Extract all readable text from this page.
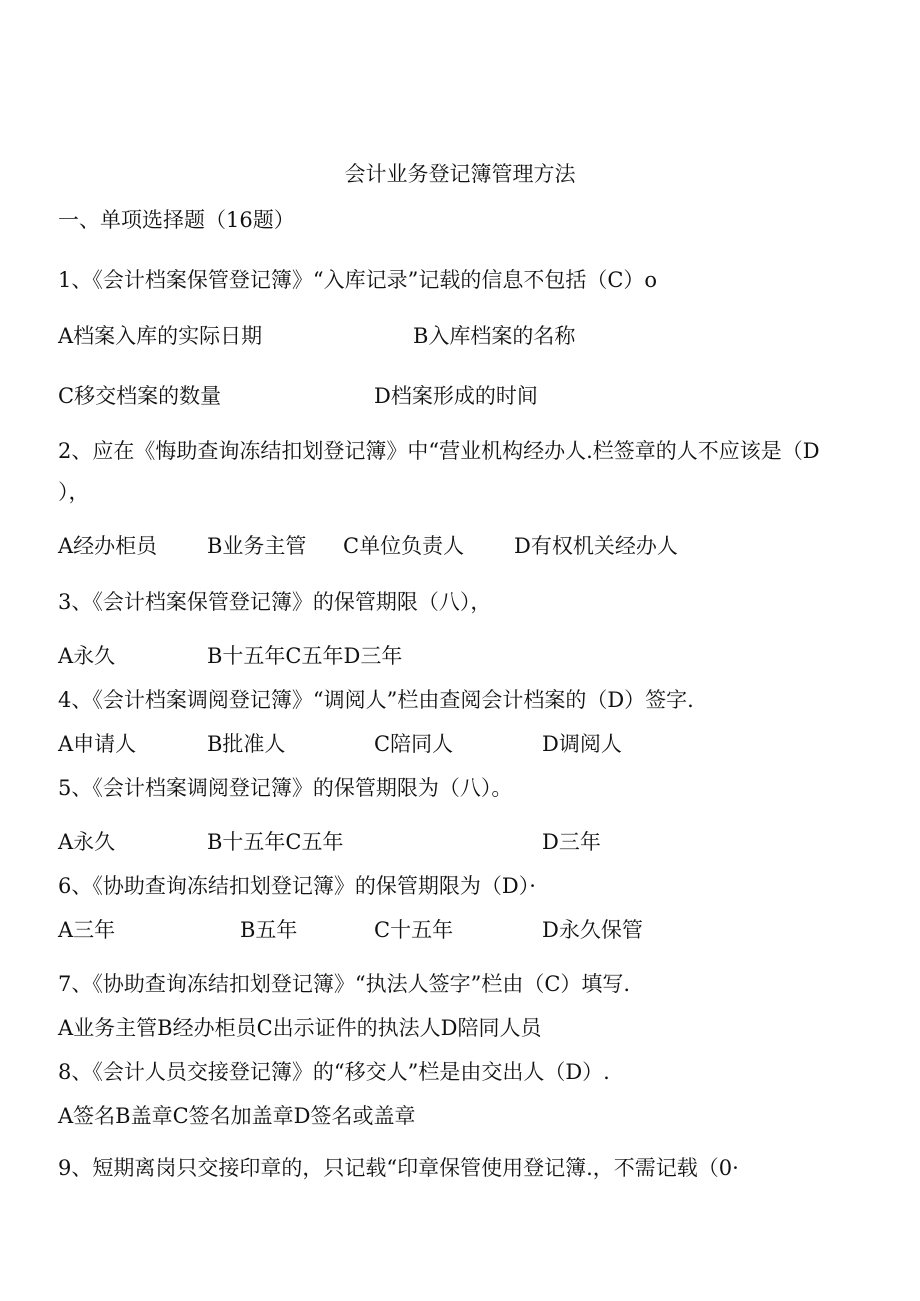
会计业务登记簿管理方法
一、单项选择题（16题）
1、《会计档案保管登记簿》“入库记录”记载的信息不包括（C）o
A档案入库的实际日期	B入库档案的名称
C移交档案的数量	D档案形成的时间
2、应在《悔助查询冻结扣划登记簿》中“营业机构经办人.栏签章的人不应该是（D
），
A经办柜员 B业务主管 C单位负责人 D有权机关经办人
3、《会计档案保管登记簿》的保管期限（八），
A永久	B十五年C五年D三年
4、《会计档案调阅登记簿》“调阅人”栏由查阅会计档案的（D）签字.
A申请人	B批准人	C陪同人	D调阅人
5、《会计档案调阅登记簿》的保管期限为（八）。
A永久	B十五年C五年	D三年
6、《协助查询冻结扣划登记簿》的保管期限为（D）·
A三年	B五年	C十五年	D永久保管
7、《协助查询冻结扣划登记簿》“执法人签字”栏由（C）填写.
A业务主管B经办柜员C出示证件的执法人D陪同人员
8、《会计人员交接登记簿》的“移交人”栏是由交出人（D）.
A签名B盖章C签名加盖章D签名或盖章
9、短期离岗只交接印章的，只记载“印章保管使用登记簿.，不需记载（0·
